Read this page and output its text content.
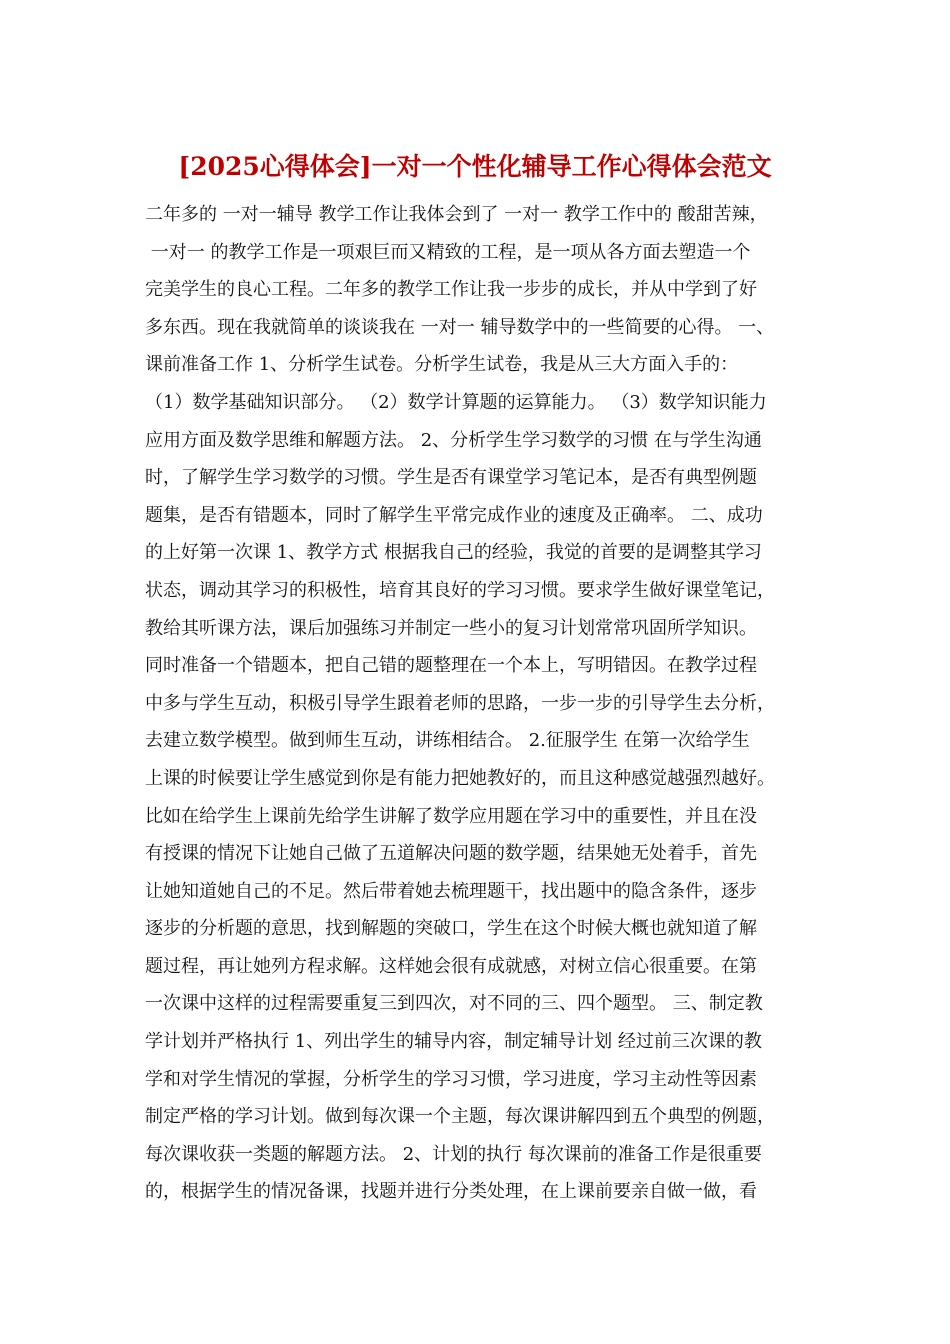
[2025心得体会]一对一个性化辅导工作心得体会范文
二年多的 一对一辅导 教学工作让我体会到了 一对一 教学工作中的 酸甜苦辣，
一对一 的教学工作是一项艰巨而又精致的工程，是一项从各方面去塑造一个
完美学生的良心工程。二年多的教学工作让我一步步的成长，并从中学到了好
多东西。现在我就简单的谈谈我在 一对一 辅导数学中的一些简要的心得。 一、
课前准备工作 1、分析学生试卷。分析学生试卷，我是从三大方面入手的：
（1）数学基础知识部分。 （2）数学计算题的运算能力。 （3）数学知识能力
应用方面及数学思维和解题方法。 2、分析学生学习数学的习惯 在与学生沟通
时，了解学生学习数学的习惯。学生是否有课堂学习笔记本，是否有典型例题
题集，是否有错题本，同时了解学生平常完成作业的速度及正确率。 二、成功
的上好第一次课 1、教学方式 根据我自己的经验，我觉的首要的是调整其学习
状态，调动其学习的积极性，培育其良好的学习习惯。要求学生做好课堂笔记，
教给其听课方法，课后加强练习并制定一些小的复习计划常常巩固所学知识。
同时准备一个错题本，把自己错的题整理在一个本上，写明错因。在教学过程
中多与学生互动，积极引导学生跟着老师的思路，一步一步的引导学生去分析，
去建立数学模型。做到师生互动，讲练相结合。 2.征服学生 在第一次给学生
上课的时候要让学生感觉到你是有能力把她教好的，而且这种感觉越强烈越好。
比如在给学生上课前先给学生讲解了数学应用题在学习中的重要性，并且在没
有授课的情况下让她自己做了五道解决问题的数学题，结果她无处着手，首先
让她知道她自己的不足。然后带着她去梳理题干，找出题中的隐含条件，逐步
逐步的分析题的意思，找到解题的突破口，学生在这个时候大概也就知道了解
题过程，再让她列方程求解。这样她会很有成就感，对树立信心很重要。在第
一次课中这样的过程需要重复三到四次，对不同的三、四个题型。 三、制定教
学计划并严格执行 1、列出学生的辅导内容，制定辅导计划 经过前三次课的教
学和对学生情况的掌握，分析学生的学习习惯，学习进度，学习主动性等因素
制定严格的学习计划。做到每次课一个主题，每次课讲解四到五个典型的例题，
每次课收获一类题的解题方法。 2、计划的执行 每次课前的准备工作是很重要
的，根据学生的情况备课，找题并进行分类处理，在上课前要亲自做一做，看
